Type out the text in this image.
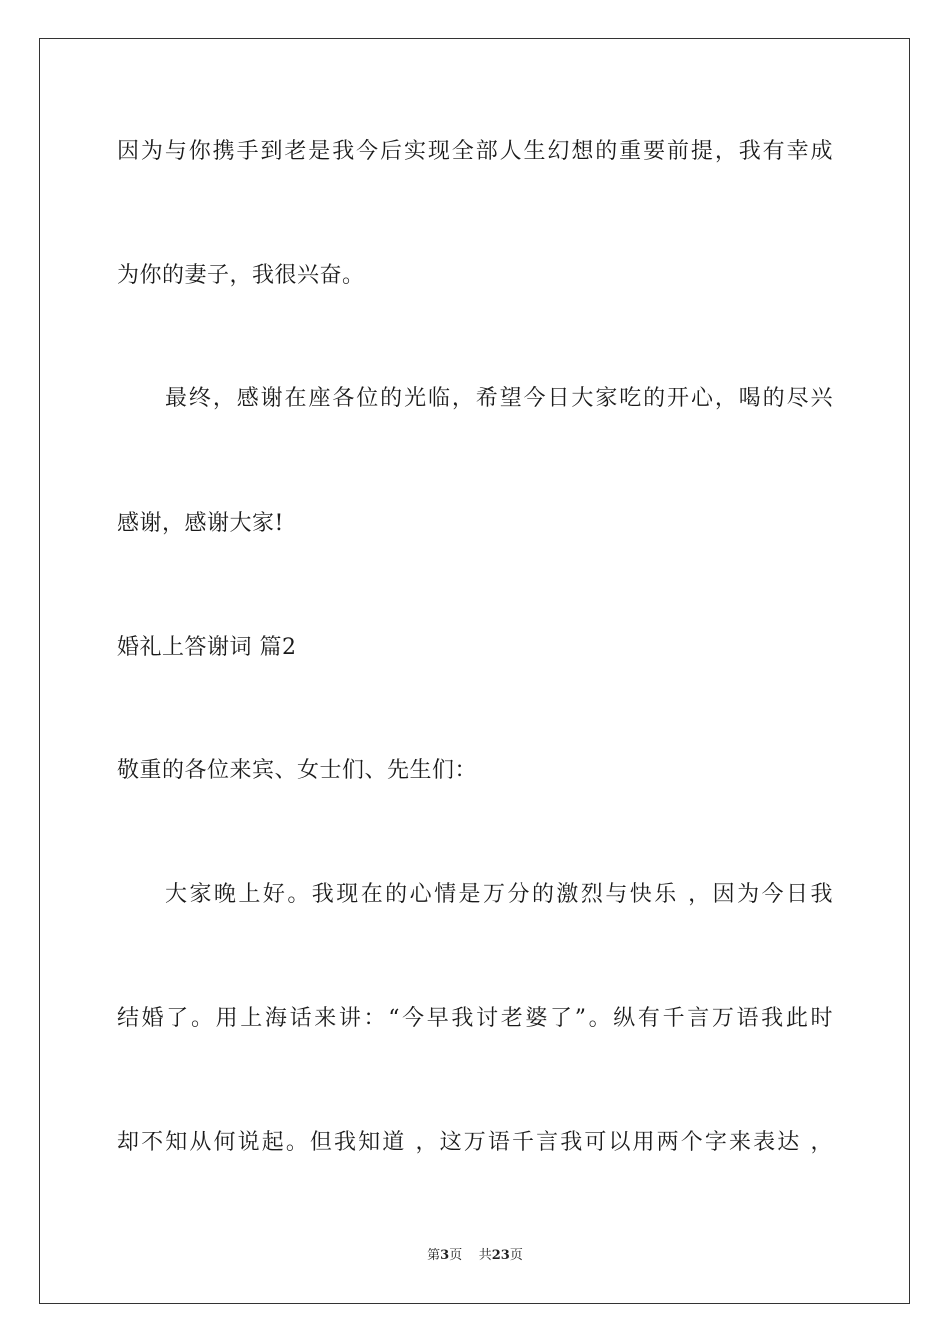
因为与你携手到老是我今后实现全部人生幻想的重要前提，我有幸成
为你的妻子，我很兴奋。
最终，感谢在座各位的光临，希望今日大家吃的开心，喝的尽兴
感谢，感谢大家!
婚礼上答谢词 篇2
敬重的各位来宾、女士们、先生们：
大家晚上好。我现在的心情是万分的激烈与快乐 ，因为今日我
结婚了。用上海话来讲：“今早我讨老婆了”。纵有千言万语我此时
却不知从何说起。但我知道 ，这万语千言我可以用两个字来表达 ，
第3页 共23页
